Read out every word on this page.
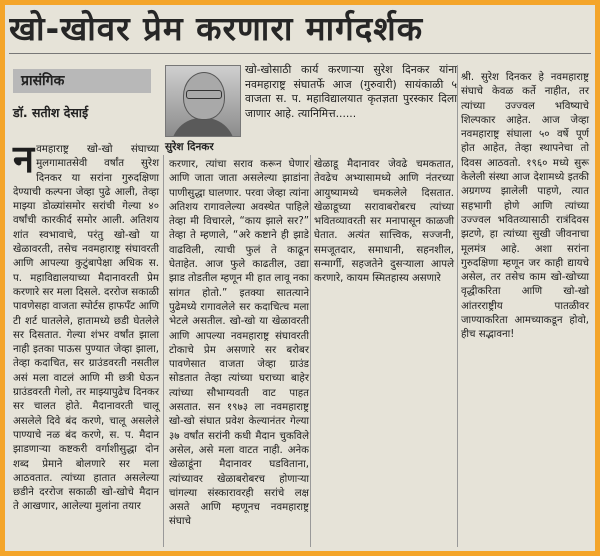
खो-खोवर प्रेम करणारा मार्गदर्शक
प्रासंगिक
डॉ. सतीश देसाई
सुरेश दिनकर
खो-खोसाठी कार्य करणाऱ्या सुरेश दिनकर यांना नवमहाराष्ट्र संघातर्फे आज (गुरुवारी) सायंकाळी ५ वाजता स. प. महाविद्यालयात कृतज्ञता पुरस्कार दिला जाणार आहे. त्यानिमित्त......
नवमहाराष्ट्र खो-खो संघाच्या मुलगामातसेवी वर्षांत सुरेश दिनकर या सरांना गुरुदक्षिणा देण्याची कल्पना जेव्हा पुढे आली, तेव्हा माझ्या डोळ्यांसमोर सरांची गेल्या ४० वर्षांची कारकीर्द समोर आली. अतिशय शांत स्वभावाचे, परंतु खो-खो या खेळावरती, तसेच नवमहाराष्ट्र संघावरती आणि आपल्या कुटुंबापेक्षा अधिक स. प. महाविद्यालयाच्या मैदानावरती प्रेम करणारे सर मला दिसले. दररोज सकाळी पावणेसहा वाजता स्पोर्टस हाफपँट आणि टी शर्ट घातलेले, हातामध्ये छडी घेतलेले सर दिसतात. गेल्या शंभर वर्षांत झाला नाही इतका पाऊस पुण्यात जेव्हा झाला, तेव्हा कदाचित, सर ग्राउंडवरती नसतील असं मला वाटलं आणि मी छत्री घेऊन ग्राउंडवरती गेलो, तर माझ्यापुढेच दिनकर सर चालत होते. मैदानावरती चालू असलेले दिवे बंद करणे, चालू असलेले पाण्याचे नळ बंद करणे, स. प. मैदान झाडणाऱ्या कष्टकरी वर्गाशीसुद्धा दोन शब्द प्रेमाने बोलणारे सर मला आठवतात. त्यांच्या हातात असलेल्या छडीने दररोज सकाळी खो-खोचे मैदान ते आखणार, आलेल्या मुलांना तयार
करणार, त्यांचा सराव करून घेणार आणि जाता जाता असलेल्या झाडांना पाणीसुद्धा घालणार. परवा जेव्हा त्यांना अतिशय रागावलेल्या अवस्थेत पाहिले तेव्हा मी विचारले, “काय झाले सर?” तेव्हा ते म्हणाले, “अरे कष्टाने ही झाडे वाढविली, त्याची फुलं ते काढून घेताहेत. आज फुले काढतील, उद्या झाड तोडतील म्हणून मी हात लावू नका सांगत होतो.” इतक्या सातत्याने पुढेमध्ये रागावलेले सर कदाचित्च मला भेटले असतील. खो-खो या खेळावरती आणि आपल्या नवमहाराष्ट्र संघावरती टोकाचे प्रेम असणारे सर बरोबर पावणेसात वाजता जेव्हा ग्राउंड सोडतात तेव्हा त्यांच्या घराच्या बाहेर त्यांच्या सौभाग्यवती वाट पाहत असतात. सन १९७३ ला नवमहाराष्ट्र खो-खो संघात प्रवेश केल्यानंतर गेल्या ३७ वर्षांत सरांनी कधी मैदान चुकविले असेल, असे मला वाटत नाही. अनेक खेळाडूंना मैदानावर घडविताना, त्यांच्यावर खेळाबरोबरच होणाऱ्या चांगल्या संस्कारावरही सरांचे लक्ष असते आणि म्हणूनच नवमहाराष्ट्र संघाचे
खेळाडू मैदानावर जेवढे चमकतात, तेवढेच अभ्यासामध्ये आणि नंतरच्या आयुष्यामध्ये चमकलेले दिसतात. खेळाडूच्या सरावाबरोबरच त्यांच्या भवितव्यावरती सर मनापासून काळजी घेतात. अत्यंत सात्त्विक, सज्जनी, समजूतदार, समाधानी, सहनशील, सन्मार्गी, सहजतेने दुसऱ्याला आपले करणारे, कायम स्मितहास्य असणारे
श्री. सुरेश दिनकर हे नवमहाराष्ट्र संघाचे केवळ कर्ते नाहीत, तर त्यांच्या उज्ज्वल भविष्याचे शिल्पकार आहेत. आज जेव्हा नवमहाराष्ट्र संघाला ५० वर्षे पूर्ण होत आहेत, तेव्हा स्थापनेचा तो दिवस आठवतो. १९६० मध्ये सुरू केलेली संस्था आज देशामध्ये इतकी अग्रगण्य झालेली पाहणे, त्यात सहभागी होणे आणि त्यांच्या उज्ज्वल भवितव्यासाठी रात्रंदिवस झटणे, हा त्यांच्या सुखी जीवनाचा मूलमंत्र आहे. अशा सरांना गुरुदक्षिणा म्हणून जर काही द्यायचे असेल, तर तसेच काम खो-खोच्या वृद्धीकरिता आणि खो-खो आंतरराष्ट्रीय पातळीवर जाण्याकरिता आमच्याकडून होवो, हीच सद्भावना!
